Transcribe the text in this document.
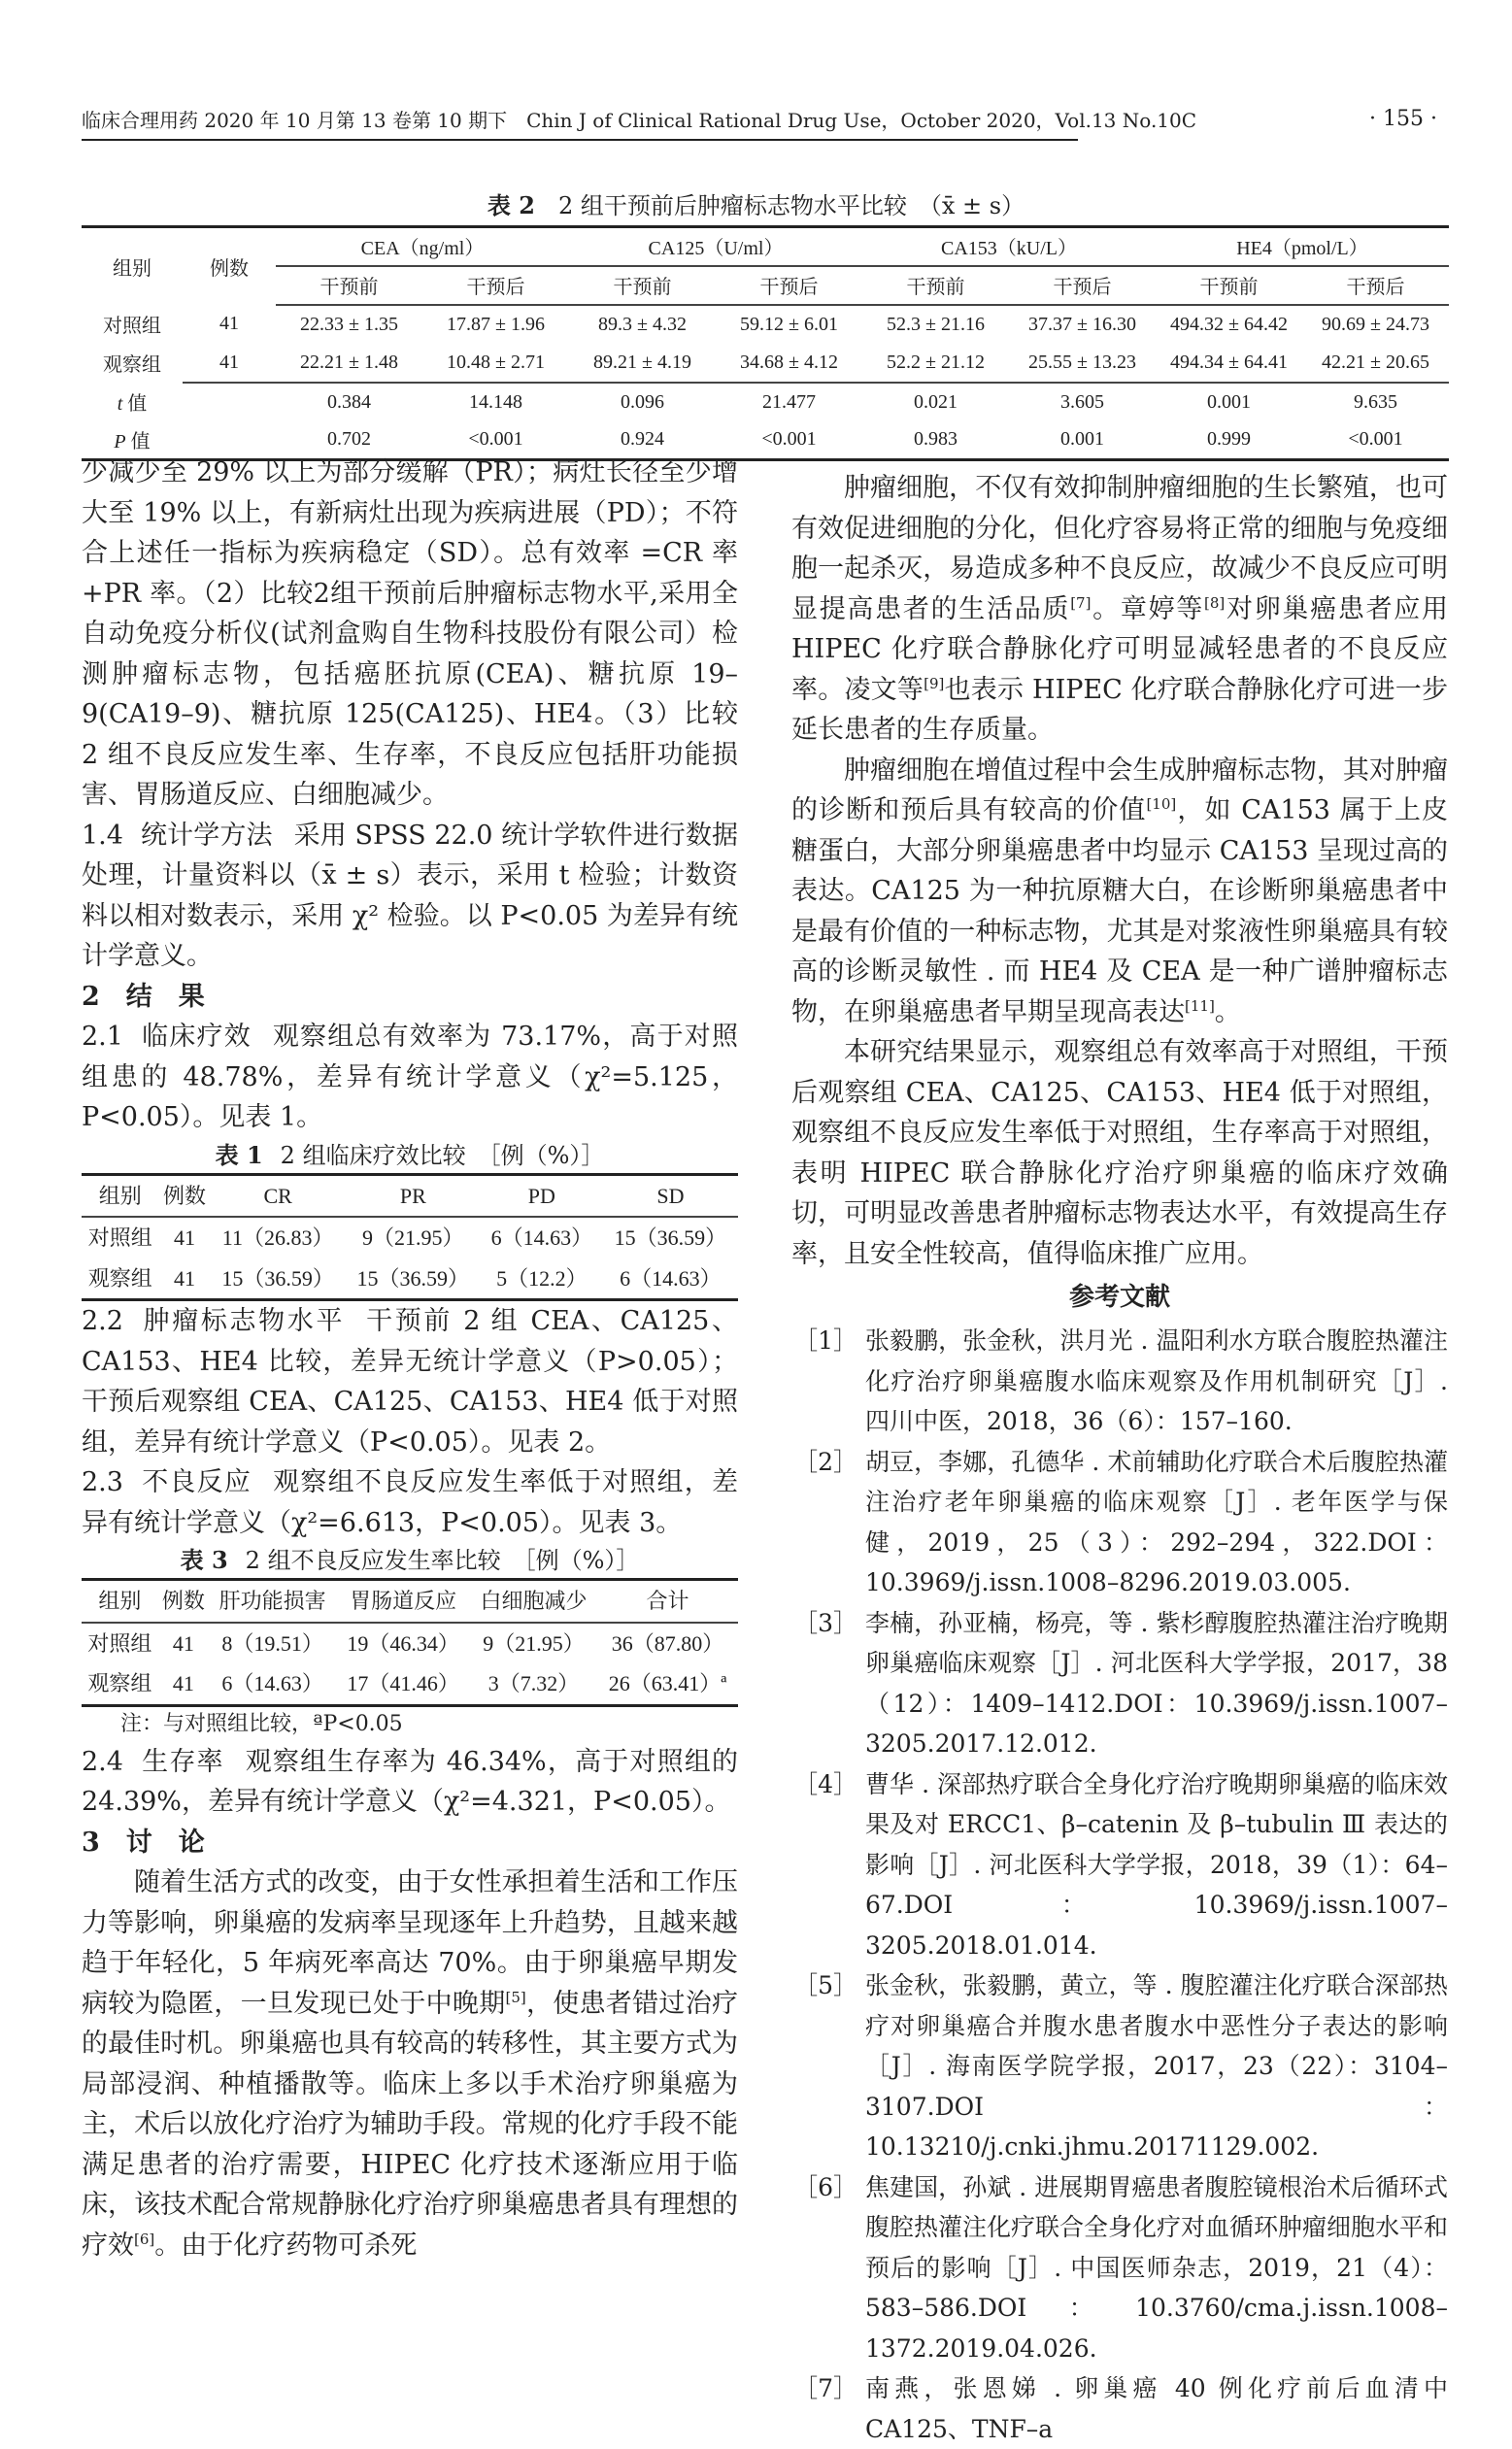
临床合理用药 2020 年 10 月第 13 卷第 10 期下　Chin J of Clinical Rational Drug Use，October 2020，Vol.13 No.10C	· 155 ·
表 2　 2 组干预前后肿瘤标志物水平比较　 （x̄ ± s）
组别	例数	CEA（ng/ml）		CA125（U/ml）		CA153（kU/L）		HE4（pmol/L）	
		干预前	干预后	干预前	干预后	干预前	干预后	干预前	干预后
对照组	41	22.33 ± 1.35	17.87 ± 1.96	89.3 ± 4.32	59.12 ± 6.01	52.3 ± 21.16	37.37 ± 16.30	494.32 ± 64.42	90.69 ± 24.73
观察组	41	22.21 ± 1.48	10.48 ± 2.71	89.21 ± 4.19	34.68 ± 4.12	52.2 ± 21.12	25.55 ± 13.23	494.34 ± 64.41	42.21 ± 20.65
t 值		0.384	14.148	0.096	21.477	0.021	3.605	0.001	9.635
P 值		0.702	<0.001	0.924	<0.001	0.983	0.001	0.999	<0.001

少减少至 29% 以上为部分缓解（PR）；病灶长径至少增大至 19% 以上，有新病灶出现为疾病进展（PD）；不符合上述任一指标为疾病稳定（SD）。总有效率 =CR 率 +PR 率。（2）比较2组干预前后肿瘤标志物水平,采用全自动免疫分析仪(试剂盒购自生物科技股份有限公司）检测肿瘤标志物，包括癌胚抗原(CEA)、糖抗原 19–9(CA19–9)、糖抗原 125(CA125)、HE4。（3）比较 2 组不良反应发生率、生存率，不良反应包括肝功能损害、胃肠道反应、白细胞减少。

1.4 统计学方法 采用 SPSS 22.0 统计学软件进行数据处理，计量资料以（x̄ ± s）表示，采用 t 检验；计数资料以相对数表示，采用 χ² 检验。以 P<0.05 为差异有统计学意义。

2　结　果

2.1 临床疗效 观察组总有效率为 73.17%，高于对照组患的 48.78%，差异有统计学意义（χ²=5.125，P<0.05）。见表 1。

表 1 2 组临床疗效比较　［例（%）］
组别	例数	CR	PR	PD	SD
对照组	41	11（26.83）	9（21.95）	6（14.63）	15（36.59）
观察组	41	15（36.59）	15（36.59）	5（12.2）	6（14.63）

2.2 肿瘤标志物水平 干预前 2 组 CEA、CA125、CA153、HE4 比较，差异无统计学意义（P>0.05）；干预后观察组 CEA、CA125、CA153、HE4 低于对照组，差异有统计学意义（P<0.05）。见表 2。

2.3 不良反应 观察组不良反应发生率低于对照组，差异有统计学意义（χ²=6.613，P<0.05）。见表 3。

表 3 2 组不良反应发生率比较　［例（%）］
组别	例数	肝功能损害	胃肠道反应	白细胞减少	合计
对照组	41	8（19.51）	19（46.34）	9（21.95）	36（87.80）
观察组	41	6（14.63）	17（41.46）	3（7.32）	26（63.41）ª
注：与对照组比较，ªP<0.05

2.4 生存率 观察组生存率为 46.34%，高于对照组的 24.39%，差异有统计学意义（χ²=4.321，P<0.05）。

3　讨　论

随着生活方式的改变，由于女性承担着生活和工作压力等影响，卵巢癌的发病率呈现逐年上升趋势，且越来越趋于年轻化，5 年病死率高达 70%。由于卵巢癌早期发病较为隐匿，一旦发现已处于中晚期[5]，使患者错过治疗的最佳时机。卵巢癌也具有较高的转移性，其主要方式为局部浸润、种植播散等。临床上多以手术治疗卵巢癌为主，术后以放化疗治疗为辅助手段。常规的化疗手段不能满足患者的治疗需要，HIPEC 化疗技术逐渐应用于临床，该技术配合常规静脉化疗治疗卵巢癌患者具有理想的疗效[6]。由于化疗药物可杀死

肿瘤细胞，不仅有效抑制肿瘤细胞的生长繁殖，也可有效促进细胞的分化，但化疗容易将正常的细胞与免疫细胞一起杀灭，易造成多种不良反应，故减少不良反应可明显提高患者的生活品质[7]。章婷等[8]对卵巢癌患者应用 HIPEC 化疗联合静脉化疗可明显减轻患者的不良反应率。凌文等[9]也表示 HIPEC 化疗联合静脉化疗可进一步延长患者的生存质量。

肿瘤细胞在增值过程中会生成肿瘤标志物，其对肿瘤的诊断和预后具有较高的价值[10]，如 CA153 属于上皮糖蛋白，大部分卵巢癌患者中均显示 CA153 呈现过高的表达。CA125 为一种抗原糖大白，在诊断卵巢癌患者中是最有价值的一种标志物，尤其是对浆液性卵巢癌具有较高的诊断灵敏性 . 而 HE4 及 CEA 是一种广谱肿瘤标志物，在卵巢癌患者早期呈现高表达[11]。

本研究结果显示，观察组总有效率高于对照组，干预后观察组 CEA、CA125、CA153、HE4 低于对照组，观察组不良反应发生率低于对照组，生存率高于对照组，表明 HIPEC 联合静脉化疗治疗卵巢癌的临床疗效确切，可明显改善患者肿瘤标志物表达水平，有效提高生存率，且安全性较高，值得临床推广应用。

参考文献
［1］ 张毅鹏，张金秋，洪月光 . 温阳利水方联合腹腔热灌注化疗治疗卵巢癌腹水临床观察及作用机制研究［J］. 四川中医，2018，36（6）：157–160.
［2］ 胡豆，李娜，孔德华 . 术前辅助化疗联合术后腹腔热灌注治疗老年卵巢癌的临床观察［J］. 老年医学与保健，2019，25（3）：292–294，322.DOI：10.3969/j.issn.1008–8296.2019.03.005.
［3］ 李楠，孙亚楠，杨亮，等 . 紫杉醇腹腔热灌注治疗晚期卵巢癌临床观察［J］. 河北医科大学学报，2017，38（12）：1409–1412.DOI：10.3969/j.issn.1007–3205.2017.12.012.
［4］ 曹华 . 深部热疗联合全身化疗治疗晚期卵巢癌的临床效果及对 ERCC1、β–catenin 及 β–tubulin Ⅲ 表达的影响［J］. 河北医科大学学报，2018，39（1）：64–67.DOI：10.3969/j.issn.1007–3205.2018.01.014.
［5］ 张金秋，张毅鹏，黄立，等 . 腹腔灌注化疗联合深部热疗对卵巢癌合并腹水患者腹水中恶性分子表达的影响［J］. 海南医学院学报，2017，23（22）：3104–3107.DOI：10.13210/j.cnki.jhmu.20171129.002.
［6］ 焦建国，孙斌 . 进展期胃癌患者腹腔镜根治术后循环式腹腔热灌注化疗联合全身化疗对血循环肿瘤细胞水平和预后的影响［J］. 中国医师杂志，2019，21（4）：583–586.DOI：10.3760/cma.j.issn.1008–1372.2019.04.026.
［7］ 南燕，张恩娣 . 卵巢癌 40 例化疗前后血清中 CA125、TNF–a
